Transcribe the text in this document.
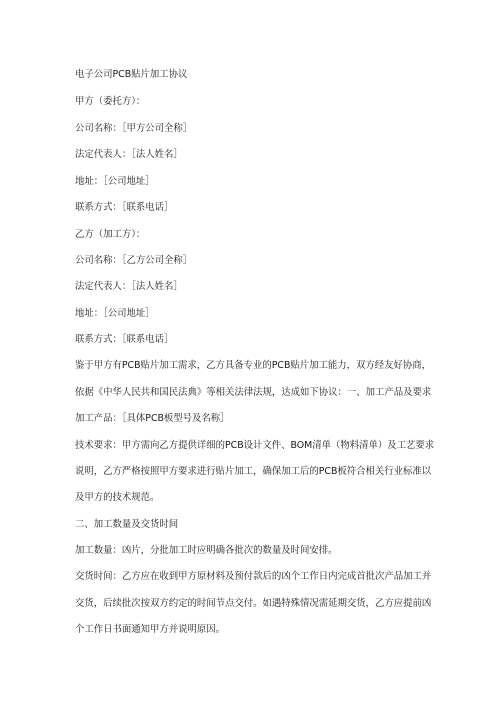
电子公司PCB贴片加工协议
甲方（委托方）：
公司名称：［甲方公司全称］
法定代表人：［法人姓名］
地址：［公司地址］
联系方式：［联系电话］
乙方（加工方）：
公司名称：［乙方公司全称］
法定代表人：［法人姓名］
地址：［公司地址］
联系方式：［联系电话］
鉴于甲方有PCB贴片加工需求，乙方具备专业的PCB贴片加工能力，双方经友好协商，
依据《中华人民共和国民法典》等相关法律法规，达成如下协议：一、加工产品及要求
加工产品：［具体PCB板型号及名称］
技术要求：甲方需向乙方提供详细的PCB设计文件、BOM清单（物料清单）及工艺要求
说明，乙方严格按照甲方要求进行贴片加工，确保加工后的PCB板符合相关行业标准以
及甲方的技术规范。
二、加工数量及交货时间
加工数量：凶片，分批加工时应明确各批次的数量及时间安排。
交货时间：乙方应在收到甲方原材料及预付款后的凶个工作日内完成首批次产品加工并
交货，后续批次按双方约定的时间节点交付。如遇特殊情况需延期交货，乙方应提前凶
个工作日书面通知甲方并说明原因。
